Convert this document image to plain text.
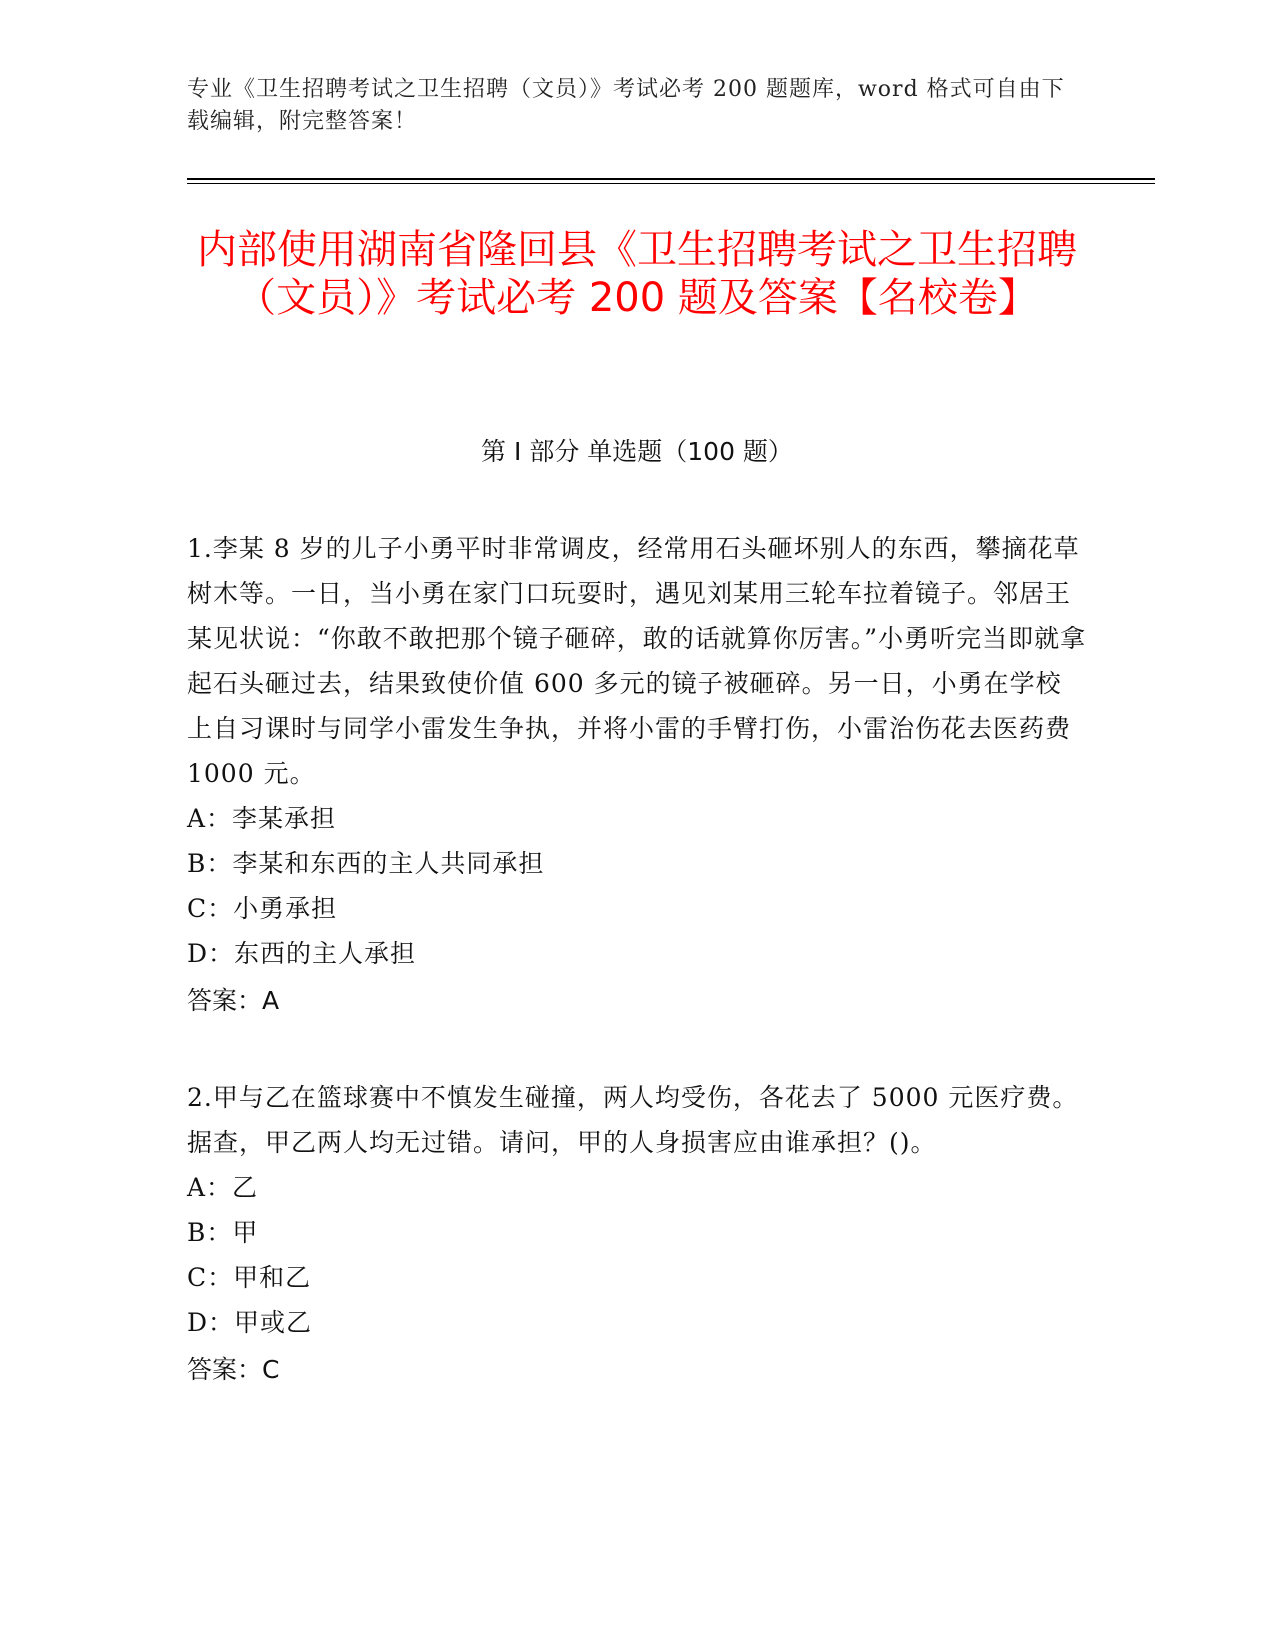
专业《卫生招聘考试之卫生招聘（文员）》考试必考 200 题题库，word 格式可自由下载编辑，附完整答案！
内部使用湖南省隆回县《卫生招聘考试之卫生招聘（文员）》考试必考 200 题及答案【名校卷】
第 I 部分 单选题（100 题）

1.李某 8 岁的儿子小勇平时非常调皮，经常用石头砸坏别人的东西，攀摘花草树木等。一日，当小勇在家门口玩耍时，遇见刘某用三轮车拉着镜子。邻居王某见状说：“你敢不敢把那个镜子砸碎，敢的话就算你厉害。”小勇听完当即就拿起石头砸过去，结果致使价值 600 多元的镜子被砸碎。另一日，小勇在学校上自习课时与同学小雷发生争执，并将小雷的手臂打伤，小雷治伤花去医药费 1000 元。

A：李某承担
B：李某和东西的主人共同承担
C：小勇承担
D：东西的主人承担
答案：A

2.甲与乙在篮球赛中不慎发生碰撞，两人均受伤，各花去了 5000 元医疗费。据查，甲乙两人均无过错。请问，甲的人身损害应由谁承担？()。

A：乙
B：甲
C：甲和乙
D：甲或乙
答案：C
